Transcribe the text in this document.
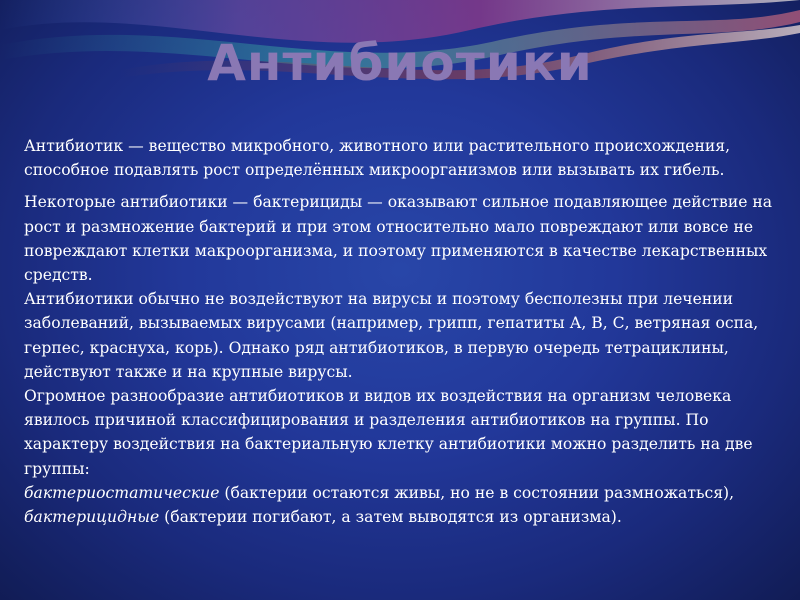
Антибиотики

Антибиотик — вещество микробного, животного или растительного происхождения, способное подавлять рост определённых микроорганизмов или вызывать их гибель.

Некоторые антибиотики — бактерициды — оказывают сильное подавляющее действие на рост и размножение бактерий и при этом относительно мало повреждают или вовсе не повреждают клетки макроорганизма, и поэтому применяются в качестве лекарственных средств.

Антибиотики обычно не воздействуют на вирусы и поэтому бесполезны при лечении заболеваний, вызываемых вирусами (например, грипп, гепатиты А, В, С, ветряная оспа, герпес, краснуха, корь). Однако ряд антибиотиков, в первую очередь тетрациклины, действуют также и на крупные вирусы.

Огромное разнообразие антибиотиков и видов их воздействия на организм человека явилось причиной классифицирования и разделения антибиотиков на группы. По характеру воздействия на бактериальную клетку антибиотики можно разделить на две группы:

бактериостатические (бактерии остаются живы, но не в состоянии размножаться),

бактерицидные (бактерии погибают, а затем выводятся из организма).
